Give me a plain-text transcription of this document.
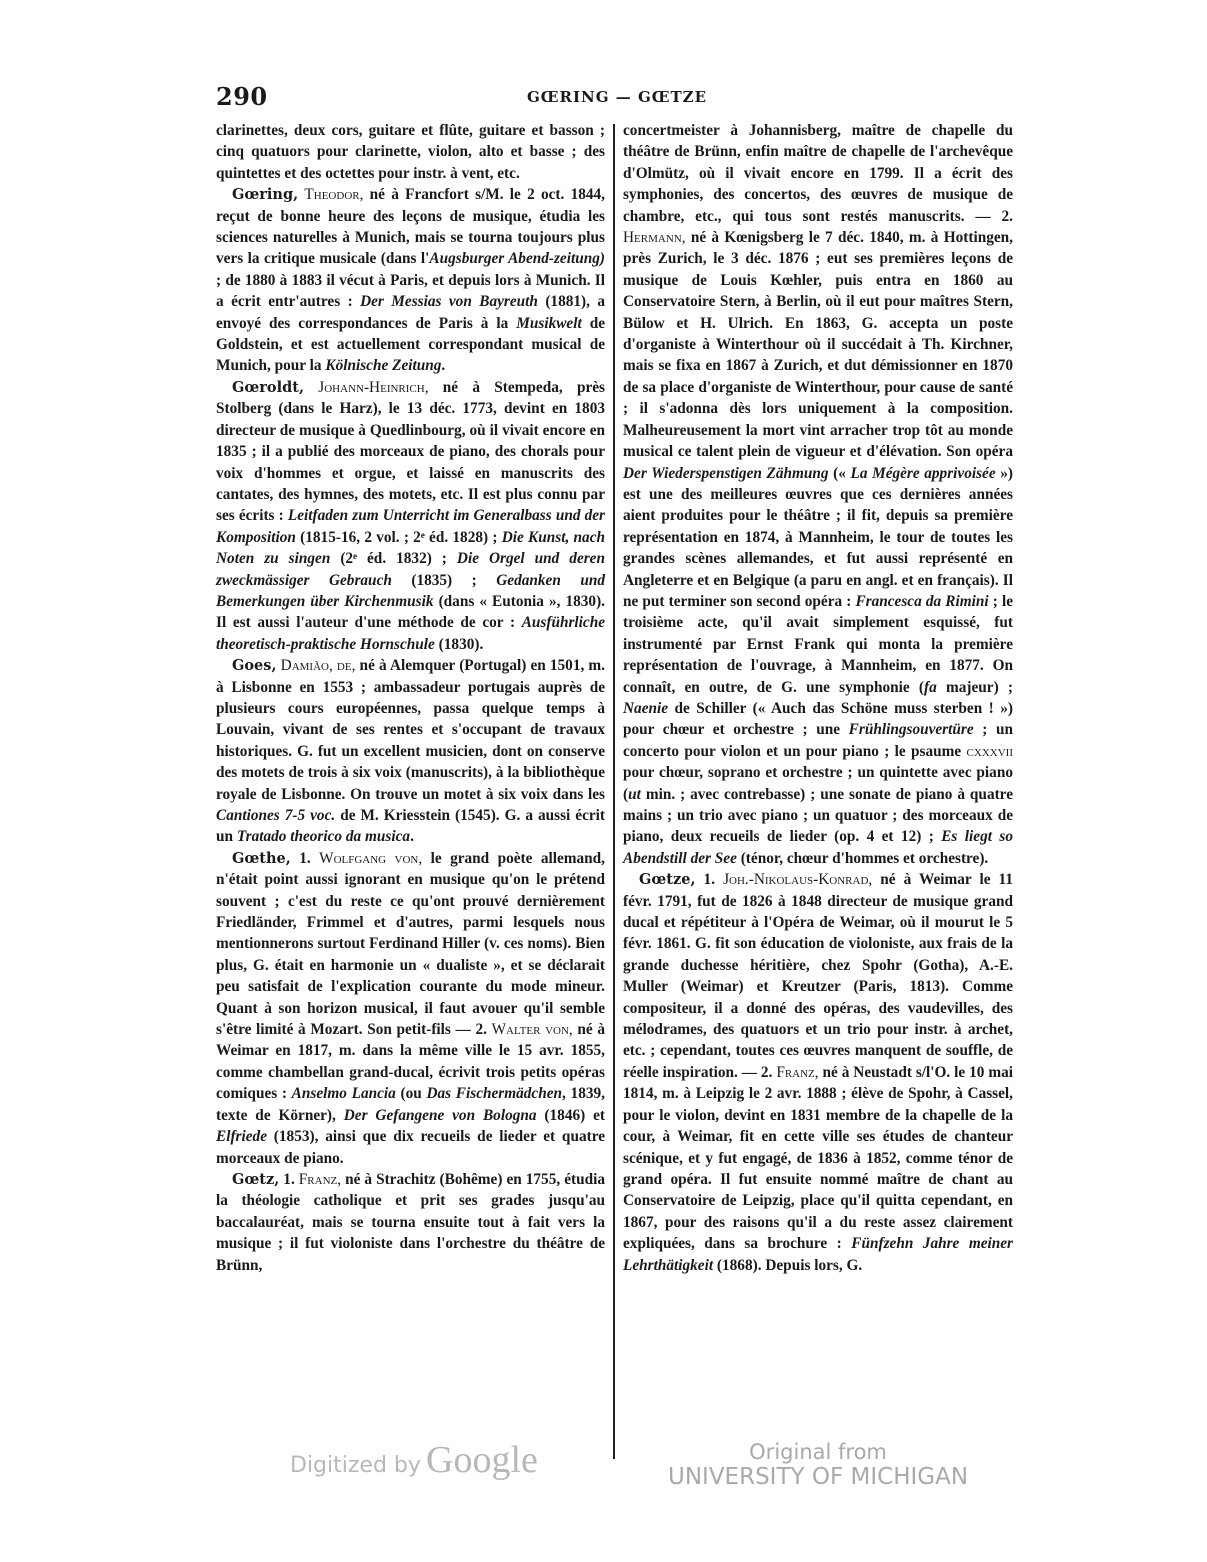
290	GŒRING — GŒTZE

clarinettes, deux cors, guitare et flûte, guitare et basson ; cinq quatuors pour clarinette, violon, alto et basse ; des quintettes et des octettes pour instr. à vent, etc.

Gœring, Theodor, né à Francfort s/M. le 2 oct. 1844, reçut de bonne heure des leçons de musique, étudia les sciences naturelles à Munich, mais se tourna toujours plus vers la critique musicale (dans l'Augsburger Abend-zeitung) ; de 1880 à 1883 il vécut à Paris, et depuis lors à Munich. Il a écrit entr'autres : Der Messias von Bayreuth (1881), a envoyé des correspondances de Paris à la Musikwelt de Goldstein, et est actuellement correspondant musical de Munich, pour la Kölnische Zeitung.

Gœroldt, Johann-Heinrich, né à Stempeda, près Stolberg (dans le Harz), le 13 déc. 1773, devint en 1803 directeur de musique à Quedlinbourg, où il vivait encore en 1835 ; il a publié des morceaux de piano, des chorals pour voix d'hommes et orgue, et laissé en manuscrits des cantates, des hymnes, des motets, etc. Il est plus connu par ses écrits : Leitfaden zum Unterricht im Generalbass und der Komposition (1815-16, 2 vol. ; 2ᵉ éd. 1828) ; Die Kunst, nach Noten zu singen (2ᵉ éd. 1832) ; Die Orgel und deren zweckmässiger Gebrauch (1835) ; Gedanken und Bemerkungen über Kirchenmusik (dans « Eutonia », 1830). Il est aussi l'auteur d'une méthode de cor : Ausführliche theoretisch-praktische Hornschule (1830).

Goes, Damião, de, né à Alemquer (Portugal) en 1501, m. à Lisbonne en 1553 ; ambassadeur portugais auprès de plusieurs cours européennes, passa quelque temps à Louvain, vivant de ses rentes et s'occupant de travaux historiques. G. fut un excellent musicien, dont on conserve des motets de trois à six voix (manuscrits), à la bibliothèque royale de Lisbonne. On trouve un motet à six voix dans les Cantiones 7-5 voc. de M. Kriesstein (1545). G. a aussi écrit un Tratado theorico da musica.

Gœthe, 1. Wolfgang von, le grand poète allemand, n'était point aussi ignorant en musique qu'on le prétend souvent ; c'est du reste ce qu'ont prouvé dernièrement Friedländer, Frimmel et d'autres, parmi lesquels nous mentionnerons surtout Ferdinand Hiller (v. ces noms). Bien plus, G. était en harmonie un « dualiste », et se déclarait peu satisfait de l'explication courante du mode mineur. Quant à son horizon musical, il faut avouer qu'il semble s'être limité à Mozart. Son petit-fils — 2. Walter von, né à Weimar en 1817, m. dans la même ville le 15 avr. 1855, comme chambellan grand-ducal, écrivit trois petits opéras comiques : Anselmo Lancia (ou Das Fischermädchen, 1839, texte de Körner), Der Gefangene von Bologna (1846) et Elfriede (1853), ainsi que dix recueils de lieder et quatre morceaux de piano.

Gœtz, 1. Franz, né à Strachitz (Bohême) en 1755, étudia la théologie catholique et prit ses grades jusqu'au baccalauréat, mais se tourna ensuite tout à fait vers la musique ; il fut violoniste dans l'orchestre du théâtre de Brünn,

concertmeister à Johannisberg, maître de chapelle du théâtre de Brünn, enfin maître de chapelle de l'archevêque d'Olmütz, où il vivait encore en 1799. Il a écrit des symphonies, des concertos, des œuvres de musique de chambre, etc., qui tous sont restés manuscrits. — 2. Hermann, né à Kœnigsberg le 7 déc. 1840, m. à Hottingen, près Zurich, le 3 déc. 1876 ; eut ses premières leçons de musique de Louis Kœhler, puis entra en 1860 au Conservatoire Stern, à Berlin, où il eut pour maîtres Stern, Bülow et H. Ulrich. En 1863, G. accepta un poste d'organiste à Winterthour où il succédait à Th. Kirchner, mais se fixa en 1867 à Zurich, et dut démissionner en 1870 de sa place d'organiste de Winterthour, pour cause de santé ; il s'adonna dès lors uniquement à la composition. Malheureusement la mort vint arracher trop tôt au monde musical ce talent plein de vigueur et d'élévation. Son opéra Der Wiederspenstigen Zähmung (« La Mégère apprivoisée ») est une des meilleures œuvres que ces dernières années aient produites pour le théâtre ; il fit, depuis sa première représentation en 1874, à Mannheim, le tour de toutes les grandes scènes allemandes, et fut aussi représenté en Angleterre et en Belgique (a paru en angl. et en français). Il ne put terminer son second opéra : Francesca da Rimini ; le troisième acte, qu'il avait simplement esquissé, fut instrumenté par Ernst Frank qui monta la première représentation de l'ouvrage, à Mannheim, en 1877. On connaît, en outre, de G. une symphonie (fa majeur) ; Naenie de Schiller (« Auch das Schöne muss sterben ! ») pour chœur et orchestre ; une Frühlingsouvertüre ; un concerto pour violon et un pour piano ; le psaume cxxxvii pour chœur, soprano et orchestre ; un quintette avec piano (ut min. ; avec contrebasse) ; une sonate de piano à quatre mains ; un trio avec piano ; un quatuor ; des morceaux de piano, deux recueils de lieder (op. 4 et 12) ; Es liegt so Abendstill der See (ténor, chœur d'hommes et orchestre).

Gœtze, 1. Joh.-Nikolaus-Konrad, né à Weimar le 11 févr. 1791, fut de 1826 à 1848 directeur de musique grand ducal et répétiteur à l'Opéra de Weimar, où il mourut le 5 févr. 1861. G. fit son éducation de violoniste, aux frais de la grande duchesse héritière, chez Spohr (Gotha), A.-E. Muller (Weimar) et Kreutzer (Paris, 1813). Comme compositeur, il a donné des opéras, des vaudevilles, des mélodrames, des quatuors et un trio pour instr. à archet, etc. ; cependant, toutes ces œuvres manquent de souffle, de réelle inspiration. — 2. Franz, né à Neustadt s/l'O. le 10 mai 1814, m. à Leipzig le 2 avr. 1888 ; élève de Spohr, à Cassel, pour le violon, devint en 1831 membre de la chapelle de la cour, à Weimar, fit en cette ville ses études de chanteur scénique, et y fut engagé, de 1836 à 1852, comme ténor de grand opéra. Il fut ensuite nommé maître de chant au Conservatoire de Leipzig, place qu'il quitta cependant, en 1867, pour des raisons qu'il a du reste assez clairement expliquées, dans sa brochure : Fünfzehn Jahre meiner Lehrthätigkeit (1868). Depuis lors, G.

Digitized by Google	Original from
UNIVERSITY OF MICHIGAN
